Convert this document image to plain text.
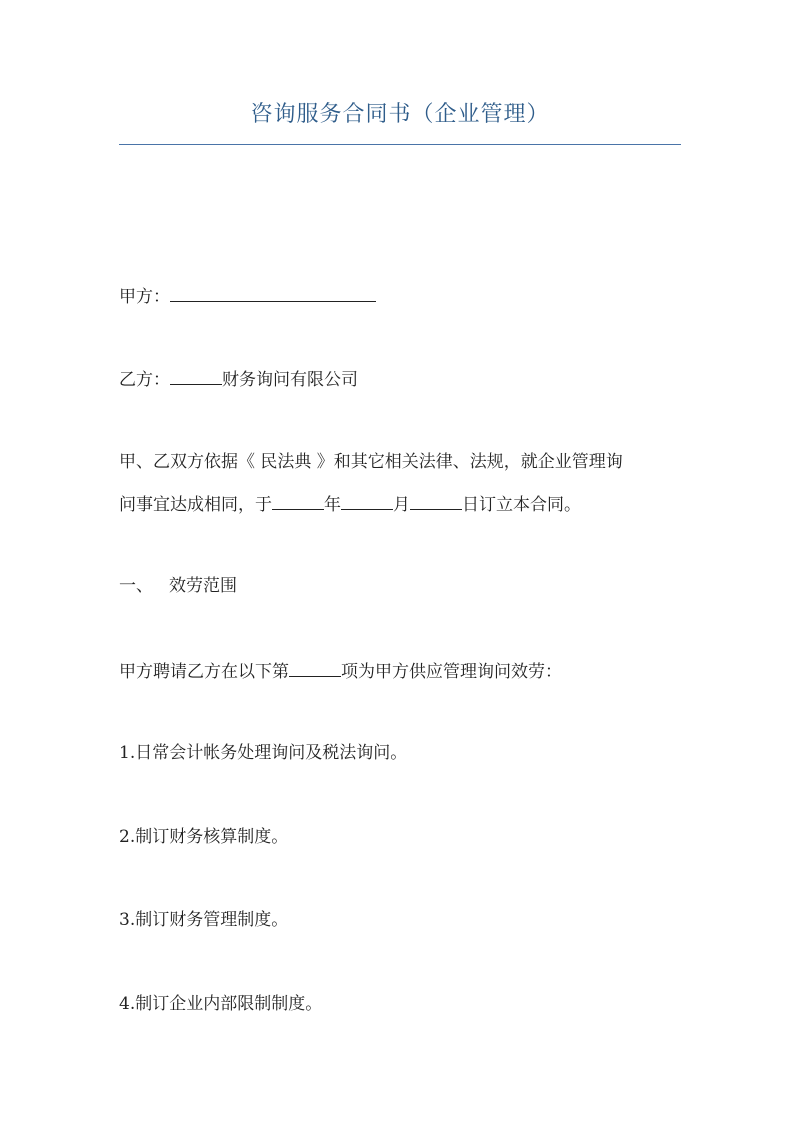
咨询服务合同书（企业管理）
甲方：
乙方：	财务询问有限公司
甲、乙双方依据《 民法典 》和其它相关法律、法规，就企业管理询
问事宜达成相同，于	年	月	日订立本合同。
一、 效劳范围
甲方聘请乙方在以下第	项为甲方供应管理询问效劳：
1.日常会计帐务处理询问及税法询问。
2.制订财务核算制度。
3.制订财务管理制度。
4.制订企业内部限制制度。
